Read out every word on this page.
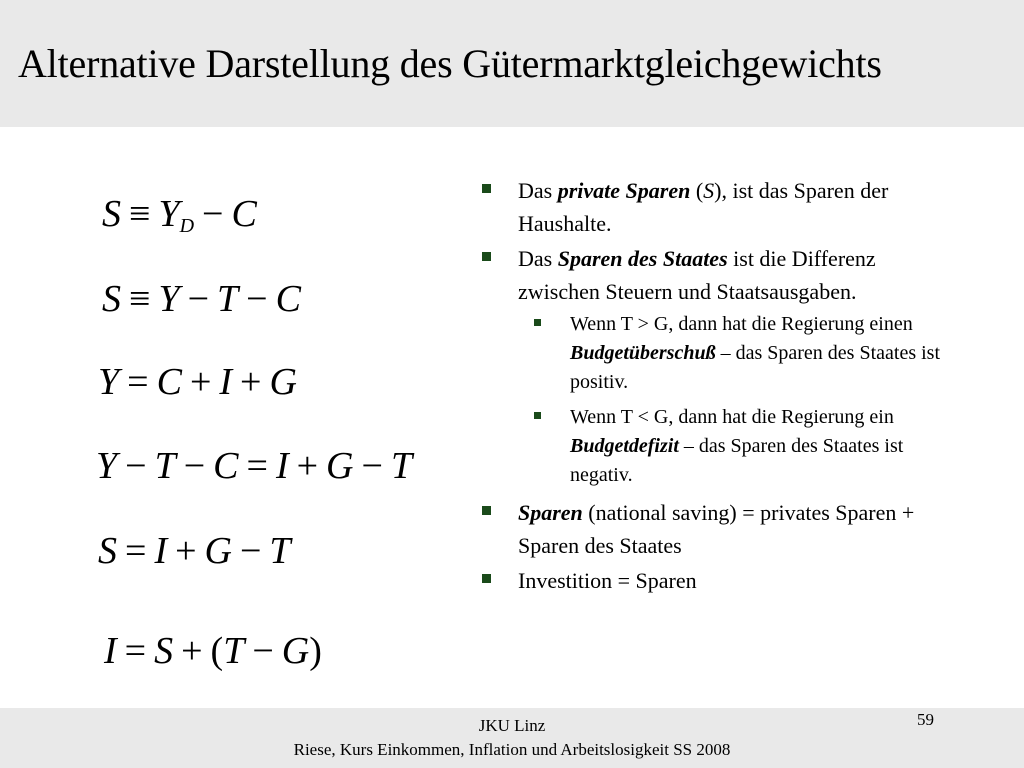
Alternative Darstellung des Gütermarktgleichgewichts
$S \equiv Y_D - C$
S ≡ Y − T − C
Y = C + I + G
Y − T − C = I + G − T
S = I + G − T
I = S + (T − G)
Das private Sparen (S), ist das Sparen der Haushalte.
Das Sparen des Staates ist die Differenz zwischen Steuern und Staatsausgaben.
Wenn T > G, dann hat die Regierung einen Budgetüberschuß – das Sparen des Staates ist positiv.
Wenn T < G, dann hat die Regierung ein Budgetdefizit – das Sparen des Staates ist negativ.
Sparen (national saving) = privates Sparen + Sparen des Staates
Investition = Sparen
JKU Linz
Riese, Kurs Einkommen, Inflation und Arbeitslosigkeit SS 2008
59
